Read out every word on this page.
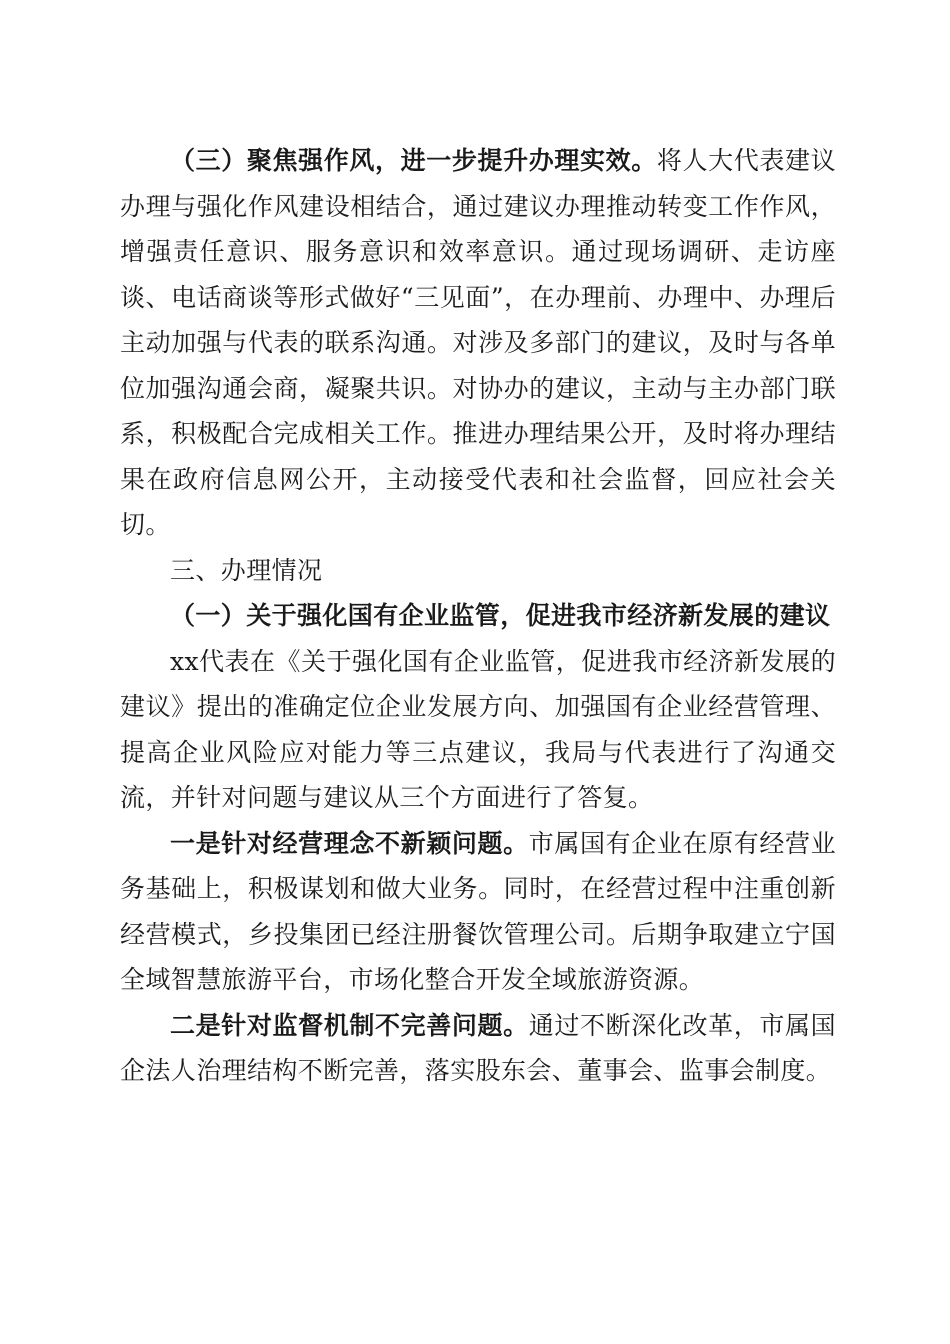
（三）聚焦强作风，进一步提升办理实效。将人大代表建议办理与强化作风建设相结合，通过建议办理推动转变工作作风，增强责任意识、服务意识和效率意识。通过现场调研、走访座谈、电话商谈等形式做好“三见面”，在办理前、办理中、办理后主动加强与代表的联系沟通。对涉及多部门的建议，及时与各单位加强沟通会商，凝聚共识。对协办的建议，主动与主办部门联系，积极配合完成相关工作。推进办理结果公开，及时将办理结果在政府信息网公开，主动接受代表和社会监督，回应社会关切。

三、办理情况

（一）关于强化国有企业监管，促进我市经济新发展的建议

xx代表在《关于强化国有企业监管，促进我市经济新发展的建议》提出的准确定位企业发展方向、加强国有企业经营管理、提高企业风险应对能力等三点建议，我局与代表进行了沟通交流，并针对问题与建议从三个方面进行了答复。

一是针对经营理念不新颖问题。市属国有企业在原有经营业务基础上，积极谋划和做大业务。同时，在经营过程中注重创新经营模式，乡投集团已经注册餐饮管理公司。后期争取建立宁国全域智慧旅游平台，市场化整合开发全域旅游资源。

二是针对监督机制不完善问题。通过不断深化改革，市属国企法人治理结构不断完善，落实股东会、董事会、监事会制度。
